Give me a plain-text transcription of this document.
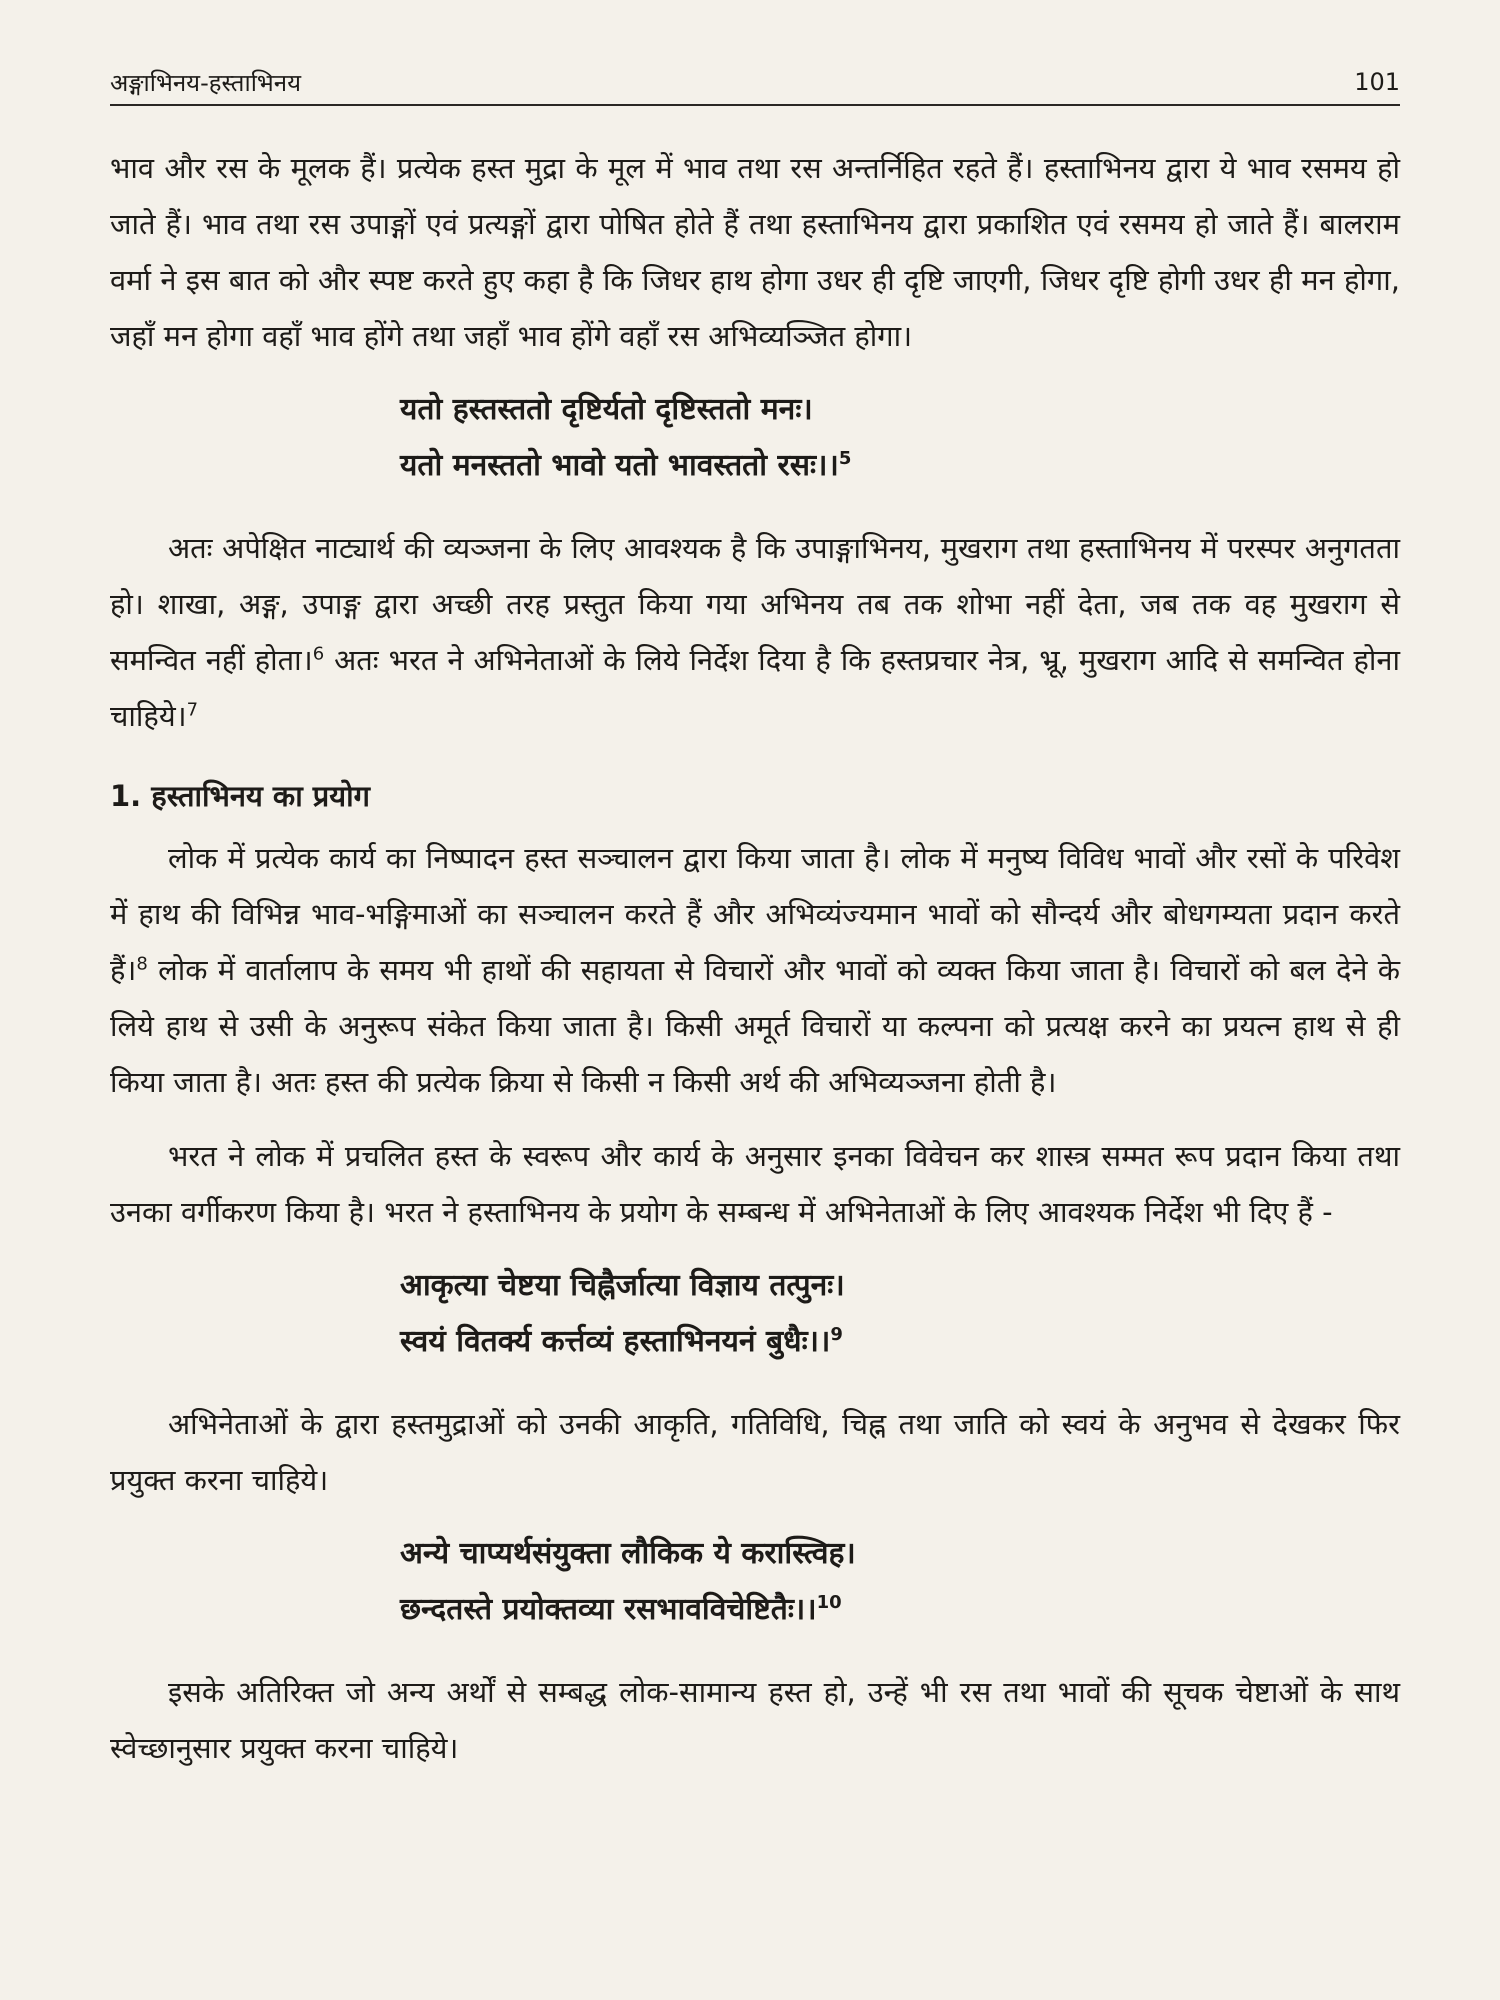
अङ्गाभिनय-हस्ताभिनय	101

भाव और रस के मूलक हैं। प्रत्येक हस्त मुद्रा के मूल में भाव तथा रस अन्तर्निहित रहते हैं। हस्ताभिनय द्वारा ये भाव रसमय हो जाते हैं। भाव तथा रस उपाङ्गों एवं प्रत्यङ्गों द्वारा पोषित होते हैं तथा हस्ताभिनय द्वारा प्रकाशित एवं रसमय हो जाते हैं। बालराम वर्मा ने इस बात को और स्पष्ट करते हुए कहा है कि जिधर हाथ होगा उधर ही दृष्टि जाएगी, जिधर दृष्टि होगी उधर ही मन होगा, जहाँ मन होगा वहाँ भाव होंगे तथा जहाँ भाव होंगे वहाँ रस अभिव्यञ्जित होगा।

यतो हस्तस्ततो दृष्टिर्यतो दृष्टिस्ततो मनः।
यतो मनस्ततो भावो यतो भावस्ततो रसः।।$^5$

अतः अपेक्षित नाट्यार्थ की व्यञ्जना के लिए आवश्यक है कि उपाङ्गाभिनय, मुखराग तथा हस्ताभिनय में परस्पर अनुगतता हो। शाखा, अङ्ग, उपाङ्ग द्वारा अच्छी तरह प्रस्तुत किया गया अभिनय तब तक शोभा नहीं देता, जब तक वह मुखराग से समन्वित नहीं होता।$^6$ अतः भरत ने अभिनेताओं के लिये निर्देश दिया है कि हस्तप्रचार नेत्र, भ्रू, मुखराग आदि से समन्वित होना चाहिये।$^7$

1. हस्ताभिनय का प्रयोग

लोक में प्रत्येक कार्य का निष्पादन हस्त सञ्चालन द्वारा किया जाता है। लोक में मनुष्य विविध भावों और रसों के परिवेश में हाथ की विभिन्न भाव-भङ्गिमाओं का सञ्चालन करते हैं और अभिव्यंज्यमान भावों को सौन्दर्य और बोधगम्यता प्रदान करते हैं।$^8$ लोक में वार्तालाप के समय भी हाथों की सहायता से विचारों और भावों को व्यक्त किया जाता है। विचारों को बल देने के लिये हाथ से उसी के अनुरूप संकेत किया जाता है। किसी अमूर्त विचारों या कल्पना को प्रत्यक्ष करने का प्रयत्न हाथ से ही किया जाता है। अतः हस्त की प्रत्येक क्रिया से किसी न किसी अर्थ की अभिव्यञ्जना होती है।

भरत ने लोक में प्रचलित हस्त के स्वरूप और कार्य के अनुसार इनका विवेचन कर शास्त्र सम्मत रूप प्रदान किया तथा उनका वर्गीकरण किया है। भरत ने हस्ताभिनय के प्रयोग के सम्बन्ध में अभिनेताओं के लिए आवश्यक निर्देश भी दिए हैं -

आकृत्या चेष्टया चिह्नैर्जात्या विज्ञाय तत्पुनः।
स्वयं वितर्क्य कर्त्तव्यं हस्ताभिनयनं बुधैः।।$^9$

अभिनेताओं के द्वारा हस्तमुद्राओं को उनकी आकृति, गतिविधि, चिह्न तथा जाति को स्वयं के अनुभव से देखकर फिर प्रयुक्त करना चाहिये।

अन्ये चाप्यर्थसंयुक्ता लौकिक ये करास्त्विह।
छन्दतस्ते प्रयोक्तव्या रसभावविचेष्टितैः।।$^{10}$

इसके अतिरिक्त जो अन्य अर्थों से सम्बद्ध लोक-सामान्य हस्त हो, उन्हें भी रस तथा भावों की सूचक चेष्टाओं के साथ स्वेच्छानुसार प्रयुक्त करना चाहिये।
